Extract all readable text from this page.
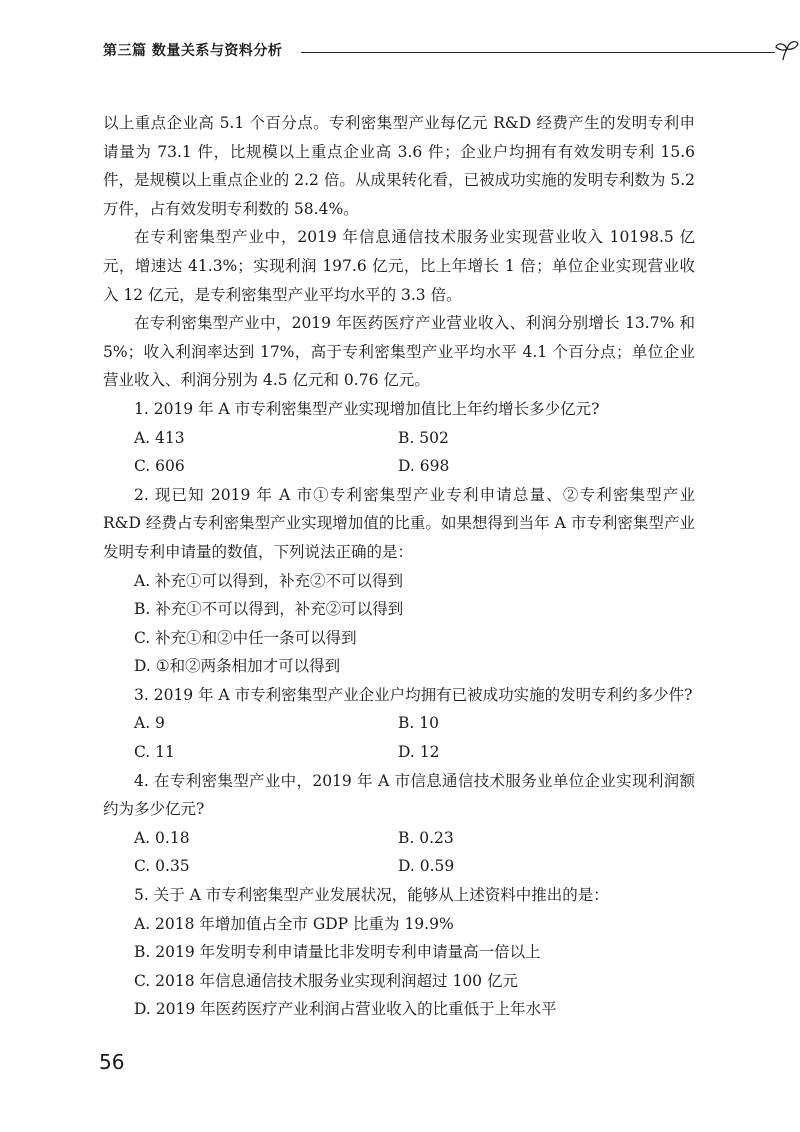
第三篇 数量关系与资料分析

以上重点企业高 5.1 个百分点。专利密集型产业每亿元 R&D 经费产生的发明专利申请量为 73.1 件，比规模以上重点企业高 3.6 件；企业户均拥有有效发明专利 15.6 件，是规模以上重点企业的 2.2 倍。从成果转化看，已被成功实施的发明专利数为 5.2 万件，占有效发明专利数的 58.4%。

在专利密集型产业中，2019 年信息通信技术服务业实现营业收入 10198.5 亿元，增速达 41.3%；实现利润 197.6 亿元，比上年增长 1 倍；单位企业实现营业收入 12 亿元，是专利密集型产业平均水平的 3.3 倍。

在专利密集型产业中，2019 年医药医疗产业营业收入、利润分别增长 13.7% 和 5%；收入利润率达到 17%，高于专利密集型产业平均水平 4.1 个百分点；单位企业营业收入、利润分别为 4.5 亿元和 0.76 亿元。

1. 2019 年 A 市专利密集型产业实现增加值比上年约增长多少亿元?

A. 413	B. 502
C. 606	D. 698

2. 现已知 2019 年 A 市①专利密集型产业专利申请总量、②专利密集型产业 R&D 经费占专利密集型产业实现增加值的比重。如果想得到当年 A 市专利密集型产业发明专利申请量的数值，下列说法正确的是：

A. 补充①可以得到，补充②不可以得到
B. 补充①不可以得到，补充②可以得到
C. 补充①和②中任一条可以得到
D. ①和②两条相加才可以得到

3. 2019 年 A 市专利密集型产业企业户均拥有已被成功实施的发明专利约多少件?

A. 9	B. 10
C. 11	D. 12

4. 在专利密集型产业中，2019 年 A 市信息通信技术服务业单位企业实现利润额约为多少亿元?

A. 0.18	B. 0.23
C. 0.35	D. 0.59

5. 关于 A 市专利密集型产业发展状况，能够从上述资料中推出的是：

A. 2018 年增加值占全市 GDP 比重为 19.9%
B. 2019 年发明专利申请量比非发明专利申请量高一倍以上
C. 2018 年信息通信技术服务业实现利润超过 100 亿元
D. 2019 年医药医疗产业利润占营业收入的比重低于上年水平
56
